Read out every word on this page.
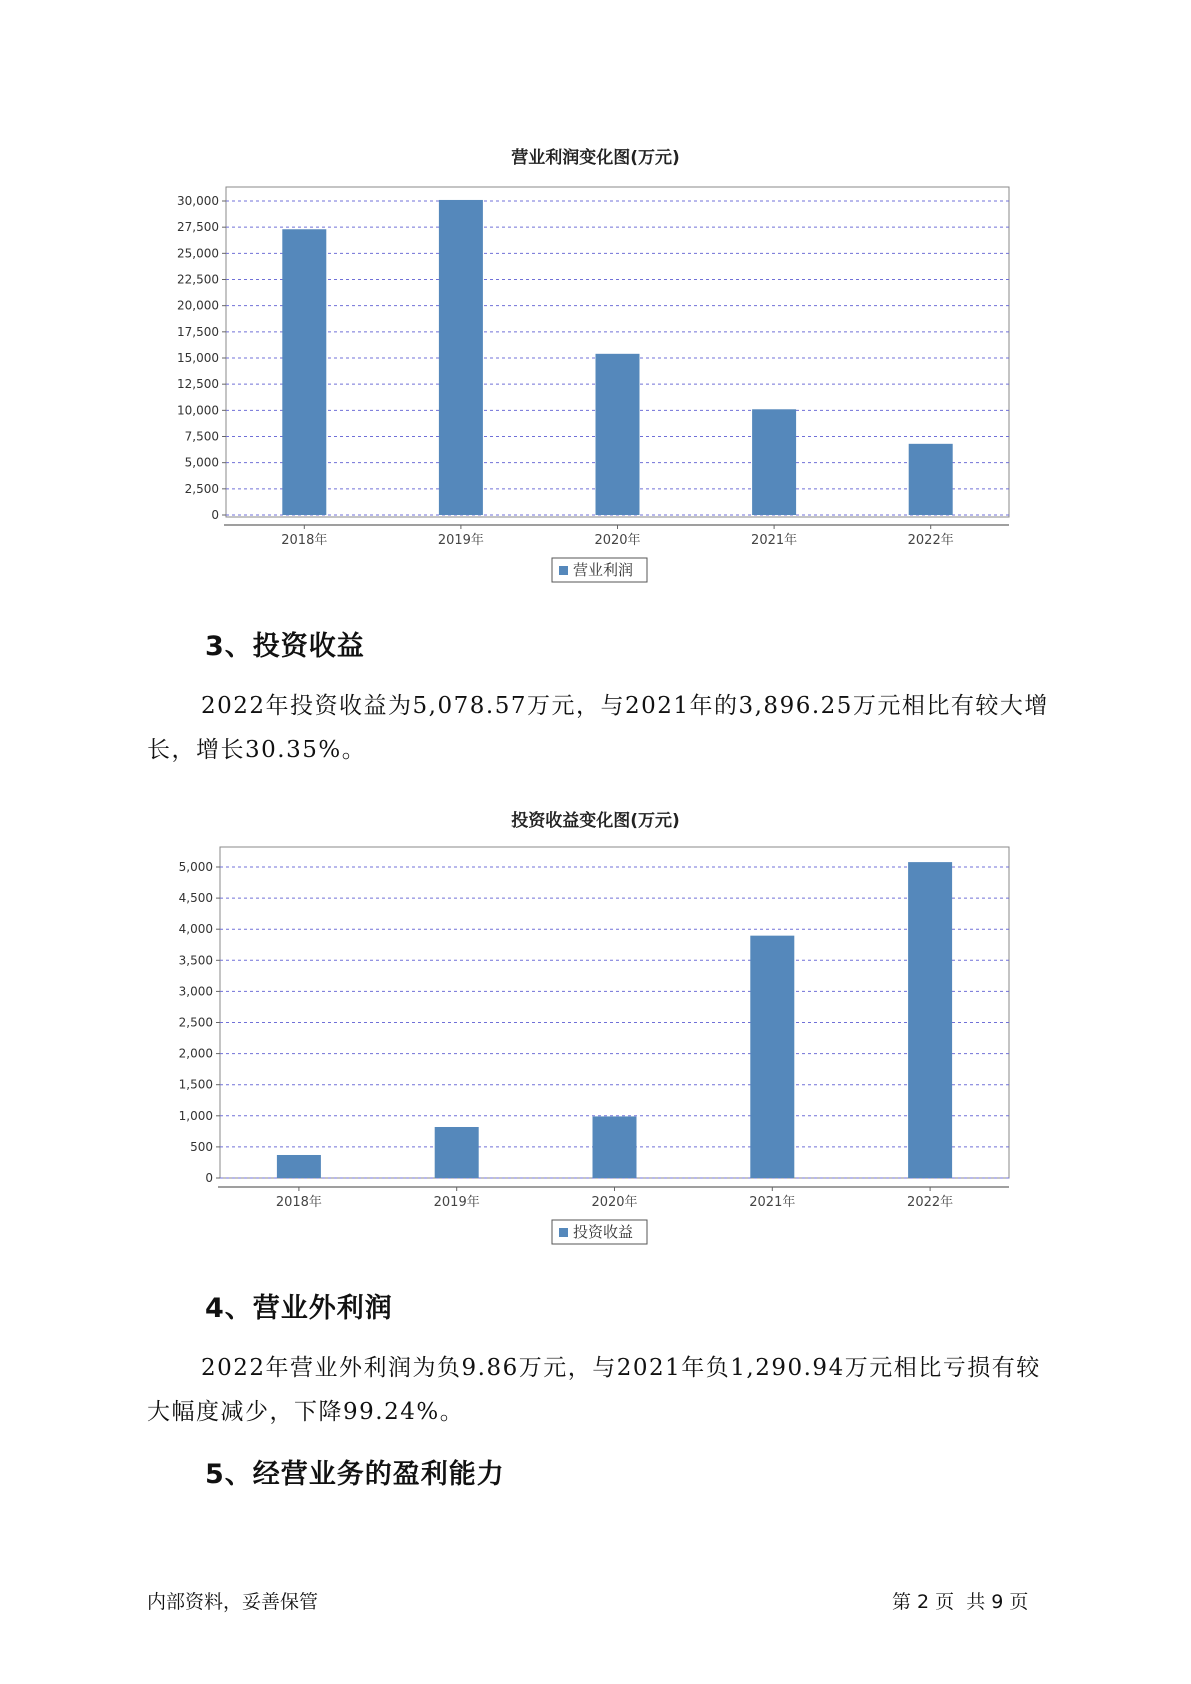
营业利润变化图(万元)
0
2,500
5,000
7,500
10,000
12,500
15,000
17,500
20,000
22,500
25,000
27,500
30,000
2018年	2019年	2020年	2021年	2022年
营业利润
3、投资收益
2022年投资收益为5,078.57万元，与2021年的3,896.25万元相比有较大增长，增长30.35%。
投资收益变化图(万元)
0
500
1,000
1,500
2,000
2,500
3,000
3,500
4,000
4,500
5,000
2018年	2019年	2020年	2021年	2022年
投资收益
4、营业外利润
2022年营业外利润为负9.86万元，与2021年负1,290.94万元相比亏损有较大幅度减少，下降99.24%。
5、经营业务的盈利能力
内部资料，妥善保管	第 2 页  共 9 页
